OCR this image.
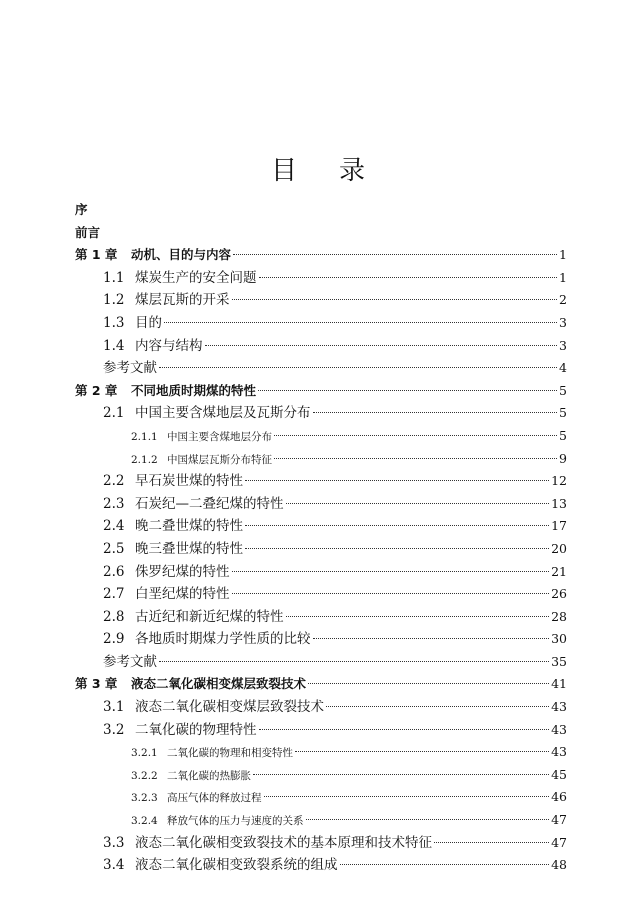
目 录
序
前言
第 1 章	动机、目的与内容	1
1.1 煤炭生产的安全问题	1
1.2 煤层瓦斯的开采	2
1.3 目的	3
1.4 内容与结构	3
参考文献	4
第 2 章	不同地质时期煤的特性	5
2.1 中国主要含煤地层及瓦斯分布	5
2.1.1 中国主要含煤地层分布	5
2.1.2 中国煤层瓦斯分布特征	9
2.2 早石炭世煤的特性	12
2.3 石炭纪—二叠纪煤的特性	13
2.4 晚二叠世煤的特性	17
2.5 晚三叠世煤的特性	20
2.6 侏罗纪煤的特性	21
2.7 白垩纪煤的特性	26
2.8 古近纪和新近纪煤的特性	28
2.9 各地质时期煤力学性质的比较	30
参考文献	35
第 3 章	液态二氧化碳相变煤层致裂技术	41
3.1 液态二氧化碳相变煤层致裂技术	43
3.2 二氧化碳的物理特性	43
3.2.1 二氧化碳的物理和相变特性	43
3.2.2 二氧化碳的热膨胀	45
3.2.3 高压气体的释放过程	46
3.2.4 释放气体的压力与速度的关系	47
3.3 液态二氧化碳相变致裂技术的基本原理和技术特征	47
3.4 液态二氧化碳相变致裂系统的组成	48
